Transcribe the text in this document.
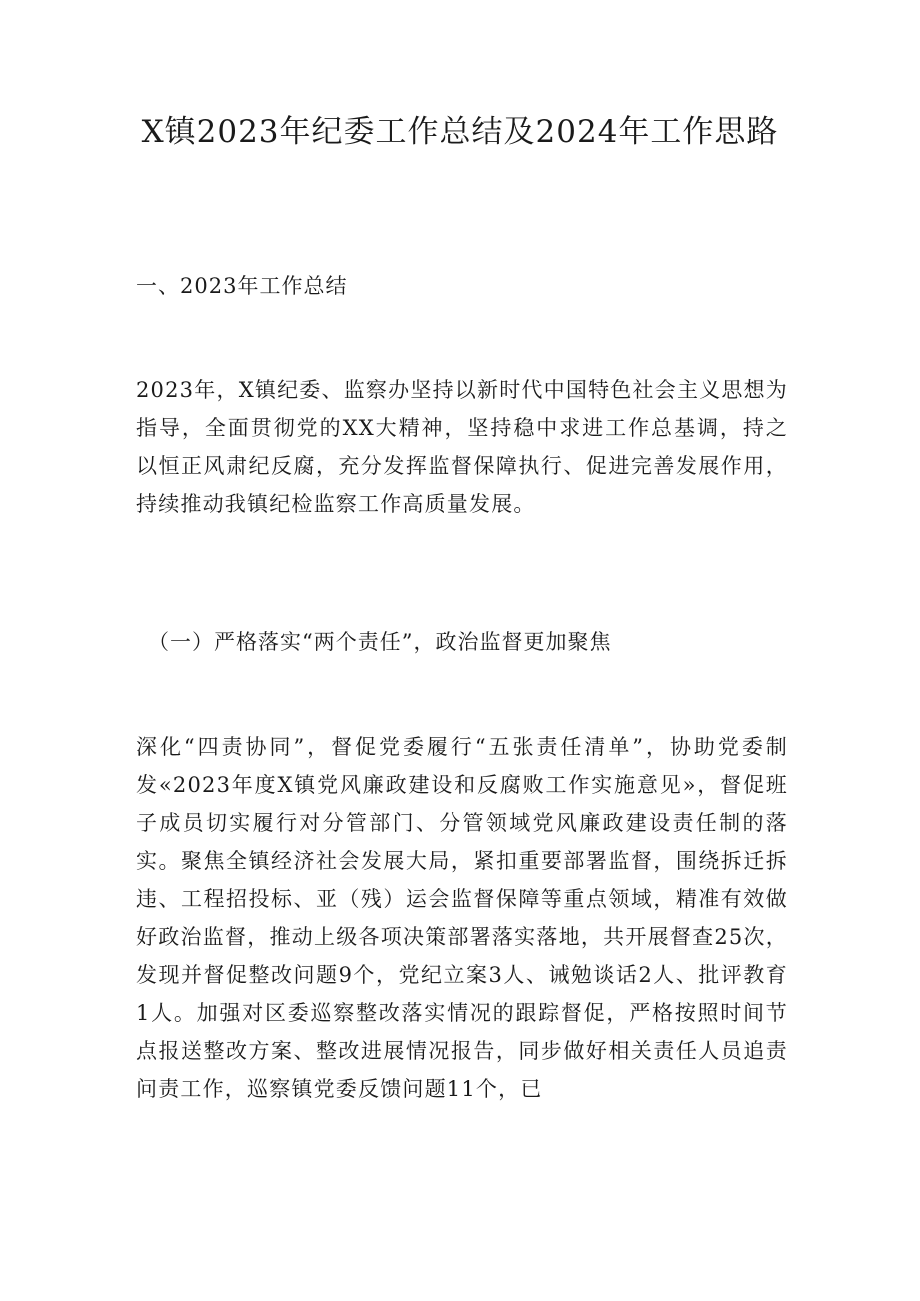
X镇2023年纪委工作总结及2024年工作思路
一、2023年工作总结

2023年，X镇纪委、监察办坚持以新时代中国特色社会主义思想为指导，全面贯彻党的XX大精神，坚持稳中求进工作总基调，持之以恒正风肃纪反腐，充分发挥监督保障执行、促进完善发展作用，持续推动我镇纪检监察工作高质量发展。

（一）严格落实“两个责任”，政治监督更加聚焦

深化“四责协同”，督促党委履行“五张责任清单”，协助党委制发«2023年度X镇党风廉政建设和反腐败工作实施意见»，督促班子成员切实履行对分管部门、分管领域党风廉政建设责任制的落实。聚焦全镇经济社会发展大局，紧扣重要部署监督，围绕拆迁拆违、工程招投标、亚（残）运会监督保障等重点领域，精准有效做好政治监督，推动上级各项决策部署落实落地，共开展督查25次，发现并督促整改问题9个，党纪立案3人、诫勉谈话2人、批评教育1人。加强对区委巡察整改落实情况的跟踪督促，严格按照时间节点报送整改方案、整改进展情况报告，同步做好相关责任人员追责问责工作，巡察镇党委反馈问题11个，已
